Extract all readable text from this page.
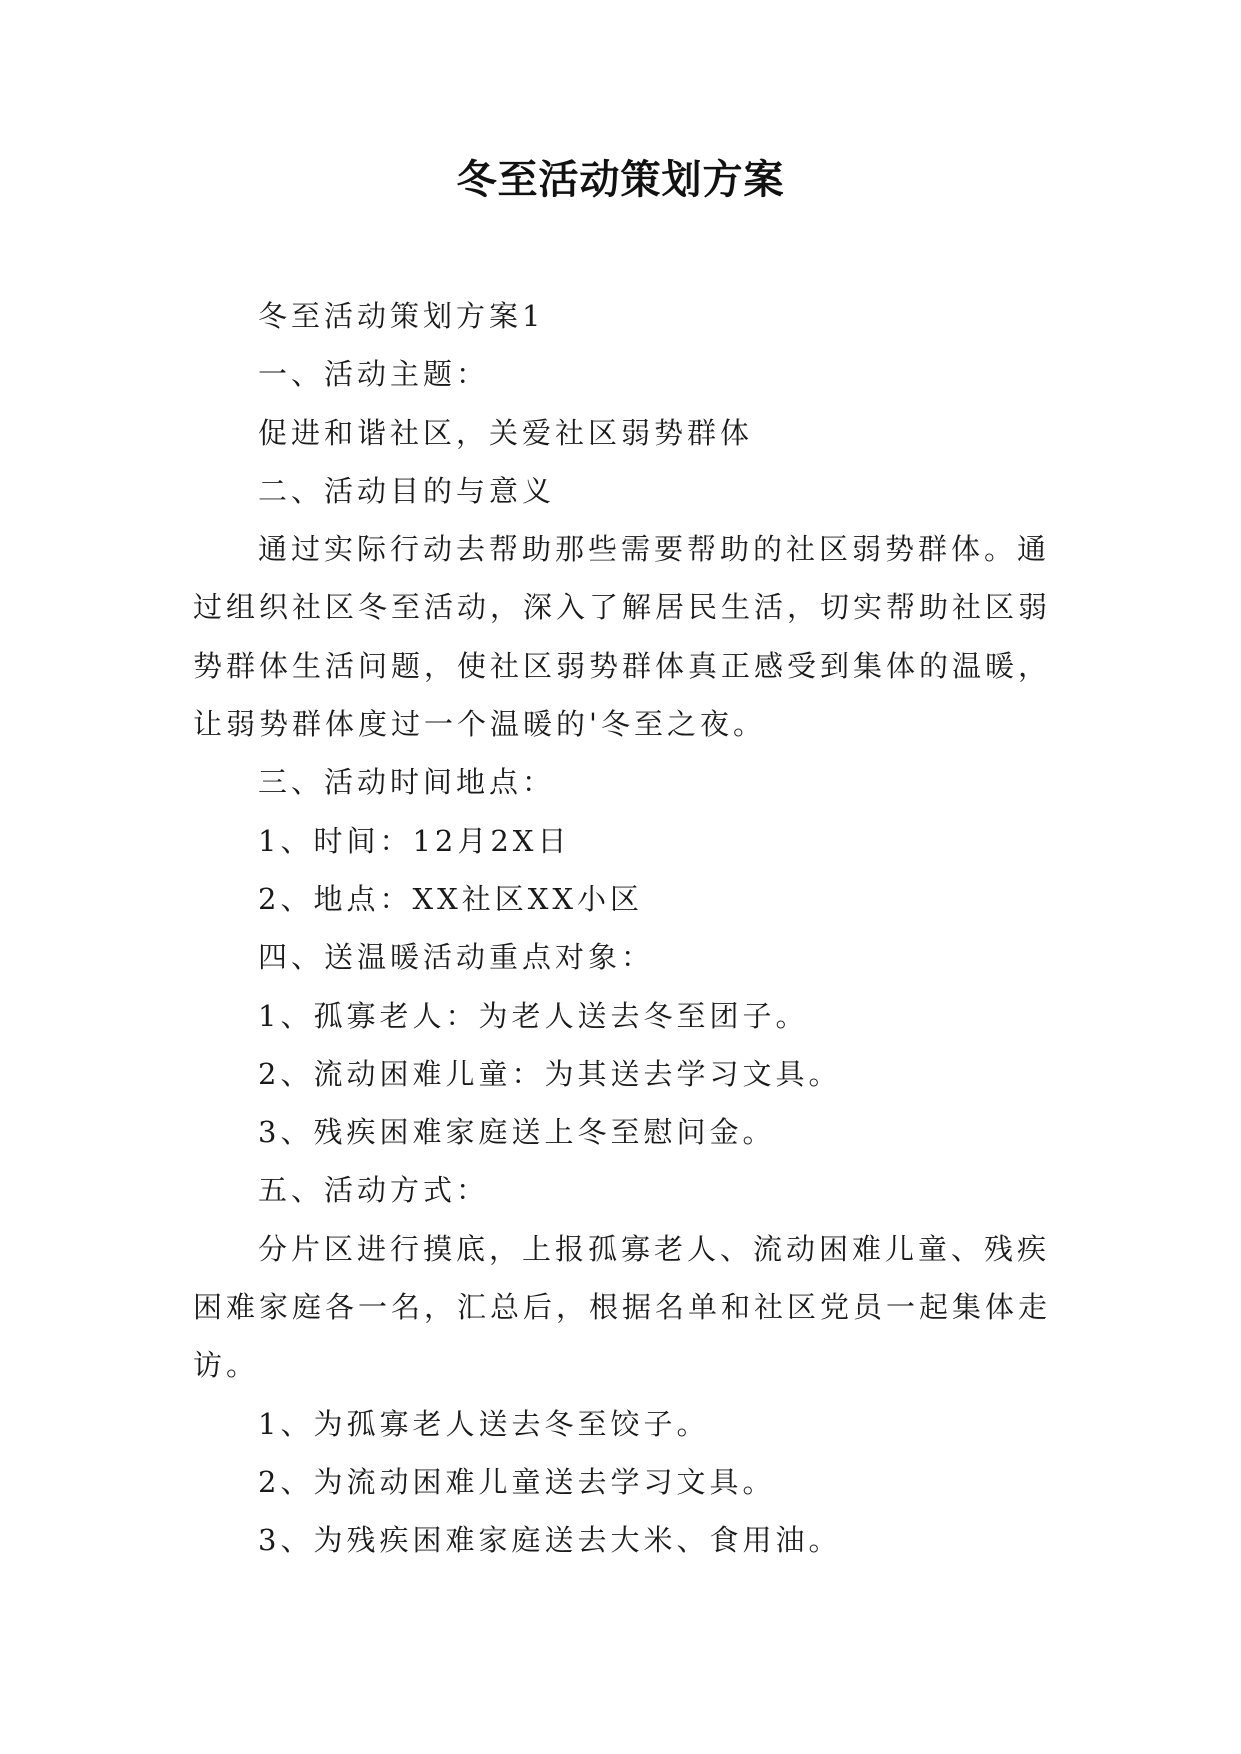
冬至活动策划方案

冬至活动策划方案1

一、活动主题：

促进和谐社区，关爱社区弱势群体

二、活动目的与意义

通过实际行动去帮助那些需要帮助的社区弱势群体。通过组织社区冬至活动，深入了解居民生活，切实帮助社区弱势群体生活问题，使社区弱势群体真正感受到集体的温暖，让弱势群体度过一个温暖的'冬至之夜。

三、活动时间地点：

1、时间：12月2X日

2、地点：XX社区XX小区

四、送温暖活动重点对象：

1、孤寡老人：为老人送去冬至团子。

2、流动困难儿童：为其送去学习文具。

3、残疾困难家庭送上冬至慰问金。

五、活动方式：

分片区进行摸底，上报孤寡老人、流动困难儿童、残疾困难家庭各一名，汇总后，根据名单和社区党员一起集体走访。

1、为孤寡老人送去冬至饺子。

2、为流动困难儿童送去学习文具。

3、为残疾困难家庭送去大米、食用油。
